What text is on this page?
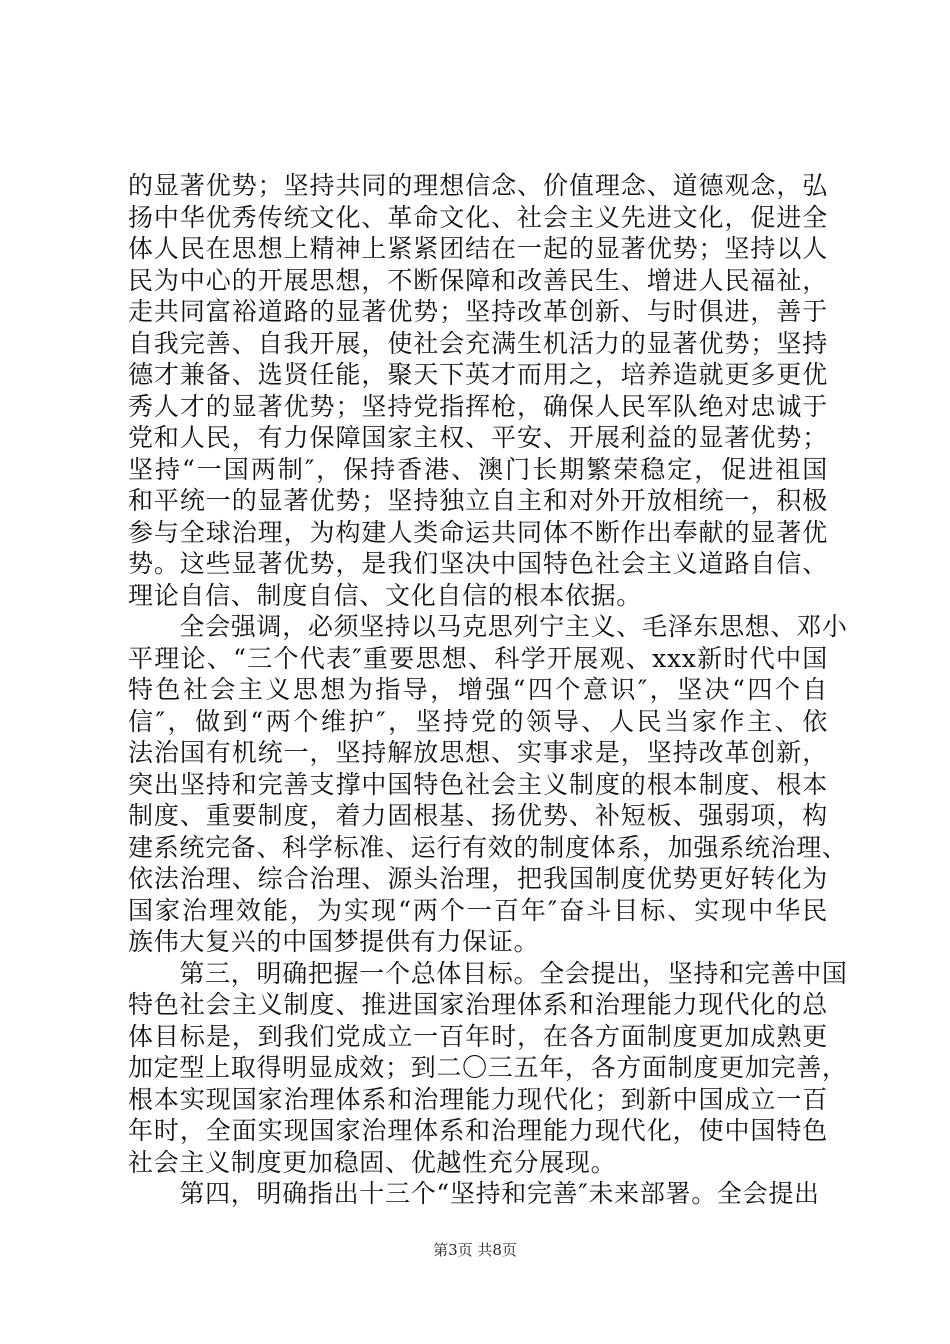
的显著优势；坚持共同的理想信念、价值理念、道德观念，弘
扬中华优秀传统文化、革命文化、社会主义先进文化，促进全
体人民在思想上精神上紧紧团结在一起的显著优势；坚持以人
民为中心的开展思想，不断保障和改善民生、增进人民福祉，
走共同富裕道路的显著优势；坚持改革创新、与时俱进，善于
自我完善、自我开展，使社会充满生机活力的显著优势；坚持
德才兼备、选贤任能，聚天下英才而用之，培养造就更多更优
秀人才的显著优势；坚持党指挥枪，确保人民军队绝对忠诚于
党和人民，有力保障国家主权、平安、开展利益的显著优势；
坚持“一国两制″，保持香港、澳门长期繁荣稳定，促进祖国
和平统一的显著优势；坚持独立自主和对外开放相统一，积极
参与全球治理，为构建人类命运共同体不断作出奉献的显著优
势。这些显著优势，是我们坚决中国特色社会主义道路自信、
理论自信、制度自信、文化自信的根本依据。
　　全会强调，必须坚持以马克思列宁主义、毛泽东思想、邓小
平理论、“三个代表″重要思想、科学开展观、xxx新时代中国
特色社会主义思想为指导，增强“四个意识″，坚决“四个自
信″，做到“两个维护″，坚持党的领导、人民当家作主、依
法治国有机统一，坚持解放思想、实事求是，坚持改革创新，
突出坚持和完善支撑中国特色社会主义制度的根本制度、根本
制度、重要制度，着力固根基、扬优势、补短板、强弱项，构
建系统完备、科学标准、运行有效的制度体系，加强系统治理、
依法治理、综合治理、源头治理，把我国制度优势更好转化为
国家治理效能，为实现“两个一百年″奋斗目标、实现中华民
族伟大复兴的中国梦提供有力保证。
　　第三，明确把握一个总体目标。全会提出，坚持和完善中国
特色社会主义制度、推进国家治理体系和治理能力现代化的总
体目标是，到我们党成立一百年时，在各方面制度更加成熟更
加定型上取得明显成效；到二〇三五年，各方面制度更加完善，
根本实现国家治理体系和治理能力现代化；到新中国成立一百
年时，全面实现国家治理体系和治理能力现代化，使中国特色
社会主义制度更加稳固、优越性充分展现。
　　第四，明确指出十三个“坚持和完善″未来部署。全会提出
第3页 共8页
